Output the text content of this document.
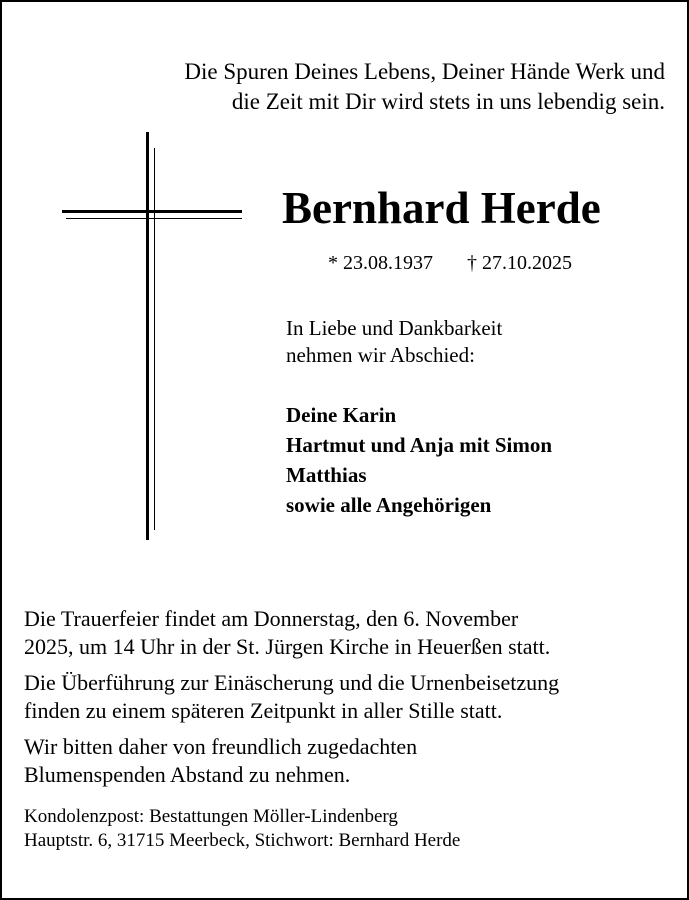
Die Spuren Deines Lebens, Deiner Hände Werk und
die Zeit mit Dir wird stets in uns lebendig sein.
Bernhard Herde
* 23.08.1937 † 27.10.2025
In Liebe und Dankbarkeit
nehmen wir Abschied:
Deine Karin
Hartmut und Anja mit Simon
Matthias
sowie alle Angehörigen

Die Trauerfeier findet am Donnerstag, den 6. November
2025, um 14 Uhr in der St. Jürgen Kirche in Heuerßen statt.

Die Überführung zur Einäscherung und die Urnenbeisetzung
finden zu einem späteren Zeitpunkt in aller Stille statt.

Wir bitten daher von freundlich zugedachten
Blumenspenden Abstand zu nehmen.

Kondolenzpost: Bestattungen Möller-Lindenberg
Hauptstr. 6, 31715 Meerbeck, Stichwort: Bernhard Herde
